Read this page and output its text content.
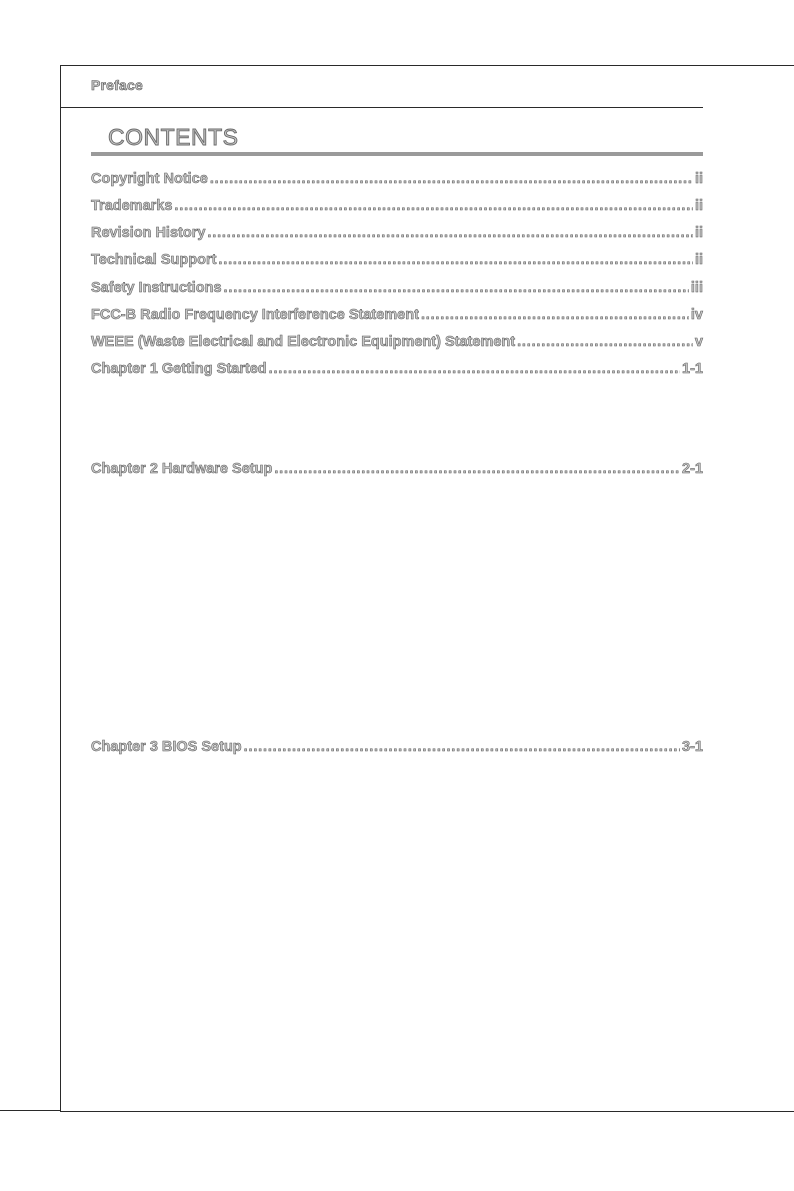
Preface
CONTENTS
Copyright Notice .....	ii
Trademarks .....	ii
Revision History .....	ii
Technical Support .....	ii
Safety Instructions .....	iii
FCC-B Radio Frequency Interference Statement .....	iv
WEEE (Waste Electrical and Electronic Equipment) Statement .....	v
Chapter 1 Getting Started .....	1-1
Chapter 2 Hardware Setup .....	2-1
Chapter 3 BIOS Setup .....	3-1
